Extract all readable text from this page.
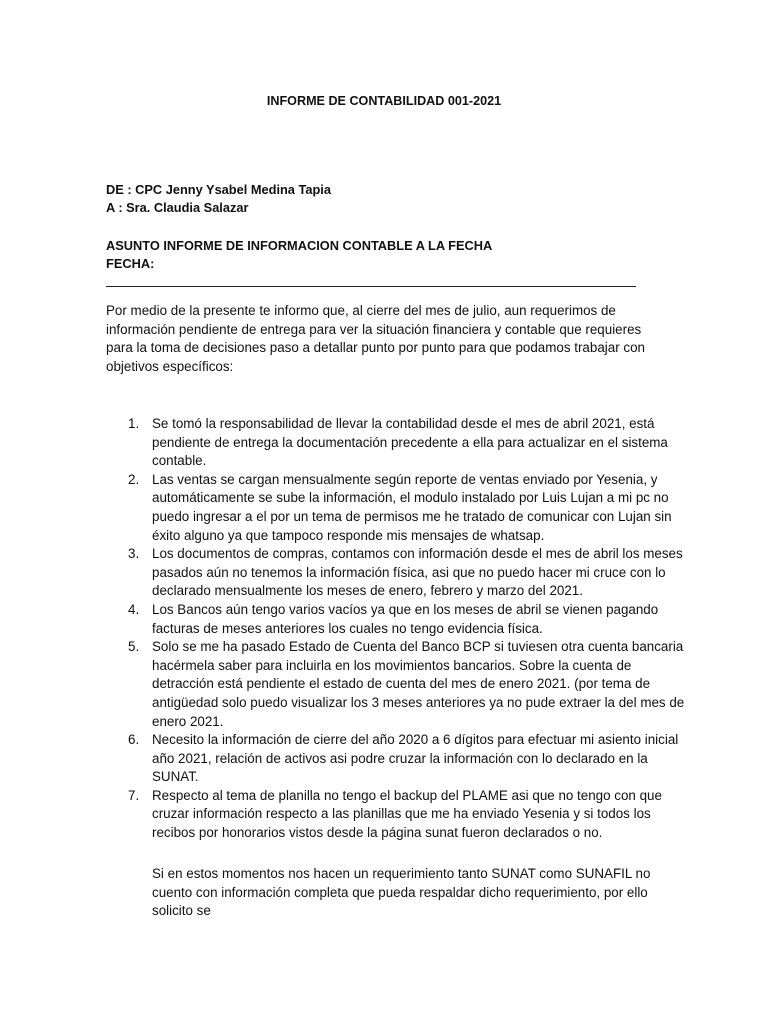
INFORME DE CONTABILIDAD 001-2021
DE : CPC Jenny Ysabel Medina Tapia
A : Sra. Claudia Salazar
ASUNTO INFORME DE INFORMACION CONTABLE A LA FECHA
FECHA:
Por medio de la presente te informo que, al cierre del mes de julio, aun requerimos de información pendiente de entrega para ver la situación financiera y contable que requieres para la toma de decisiones paso a detallar punto por punto para que podamos trabajar con objetivos específicos:
1. Se tomó la responsabilidad de llevar la contabilidad desde el mes de abril 2021, está pendiente de entrega la documentación precedente a ella para actualizar en el sistema contable.
2. Las ventas se cargan mensualmente según reporte de ventas enviado por Yesenia, y automáticamente se sube la información, el modulo instalado por Luis Lujan a mi pc no puedo ingresar a el por un tema de permisos me he tratado de comunicar con Lujan sin éxito alguno ya que tampoco responde mis mensajes de whatsap.
3. Los documentos de compras, contamos con información desde el mes de abril los meses pasados aún no tenemos la información física, asi que no puedo hacer mi cruce con lo declarado mensualmente los meses de enero, febrero y marzo del 2021.
4. Los Bancos aún tengo varios vacíos ya que en los meses de abril se vienen pagando facturas de meses anteriores los cuales no tengo evidencia física.
5. Solo se me ha pasado Estado de Cuenta del Banco BCP si tuviesen otra cuenta bancaria hacérmela saber para incluirla en los movimientos bancarios. Sobre la cuenta de detracción está pendiente el estado de cuenta del mes de enero 2021. (por tema de antigüedad solo puedo visualizar los 3 meses anteriores ya no pude extraer la del mes de enero 2021.
6. Necesito la información de cierre del año 2020 a 6 dígitos para efectuar mi asiento inicial año 2021, relación de activos asi podre cruzar la información con lo declarado en la SUNAT.
7. Respecto al tema de planilla no tengo el backup del PLAME asi que no tengo con que cruzar información respecto a las planillas que me ha enviado Yesenia y si todos los recibos por honorarios vistos desde la página sunat fueron declarados o no.
Si en estos momentos nos hacen un requerimiento tanto SUNAT como SUNAFIL no cuento con información completa que pueda respaldar dicho requerimiento, por ello solicito se
